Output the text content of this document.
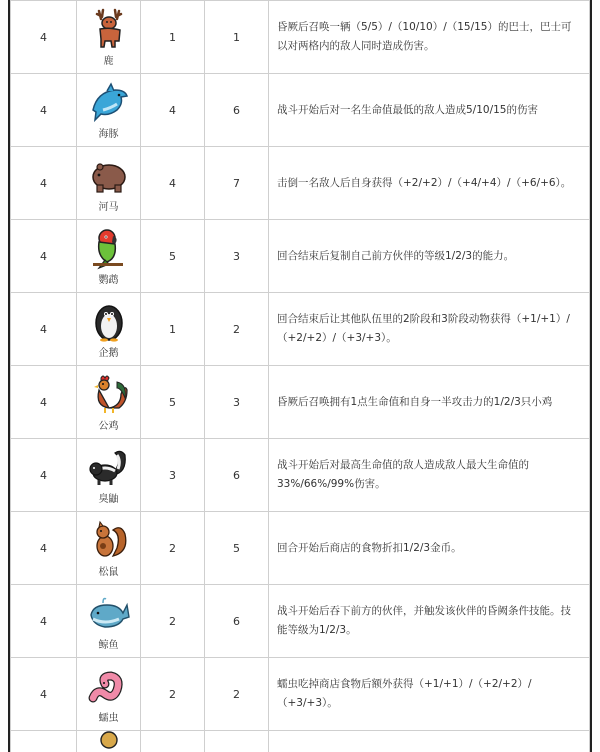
4	鹿	1	1	昏厥后召唤一辆（5/5）/（10/10）/（15/15）的巴士，巴士可以对两格内的敌人同时造成伤害。
4	海豚	4	6	战斗开始后对一名生命值最低的敌人造成5/10/15的伤害
4	河马	4	7	击倒一名敌人后自身获得（+2/+2）/（+4/+4）/（+6/+6）。
4	鹦鹉	5	3	回合结束后复制自己前方伙伴的等级1/2/3的能力。
4	企鹅	1	2	回合结束后让其他队伍里的2阶段和3阶段动物获得（+1/+1）/（+2/+2）/（+3/+3）。
4	公鸡	5	3	昏厥后召唤拥有1点生命值和自身一半攻击力的1/2/3只小鸡
4	臭鼬	3	6	战斗开始后对最高生命值的敌人造成敌人最大生命值的33%/66%/99%伤害。
4	松鼠	2	5	回合开始后商店的食物折扣1/2/3金币。
4	鲸鱼	2	6	战斗开始后吞下前方的伙伴，并触发该伙伴的昏阙条件技能。技能等级为1/2/3。
4	蠕虫	2	2	蠕虫吃掉商店食物后额外获得（+1/+1）/（+2/+2）/（+3/+3）。
